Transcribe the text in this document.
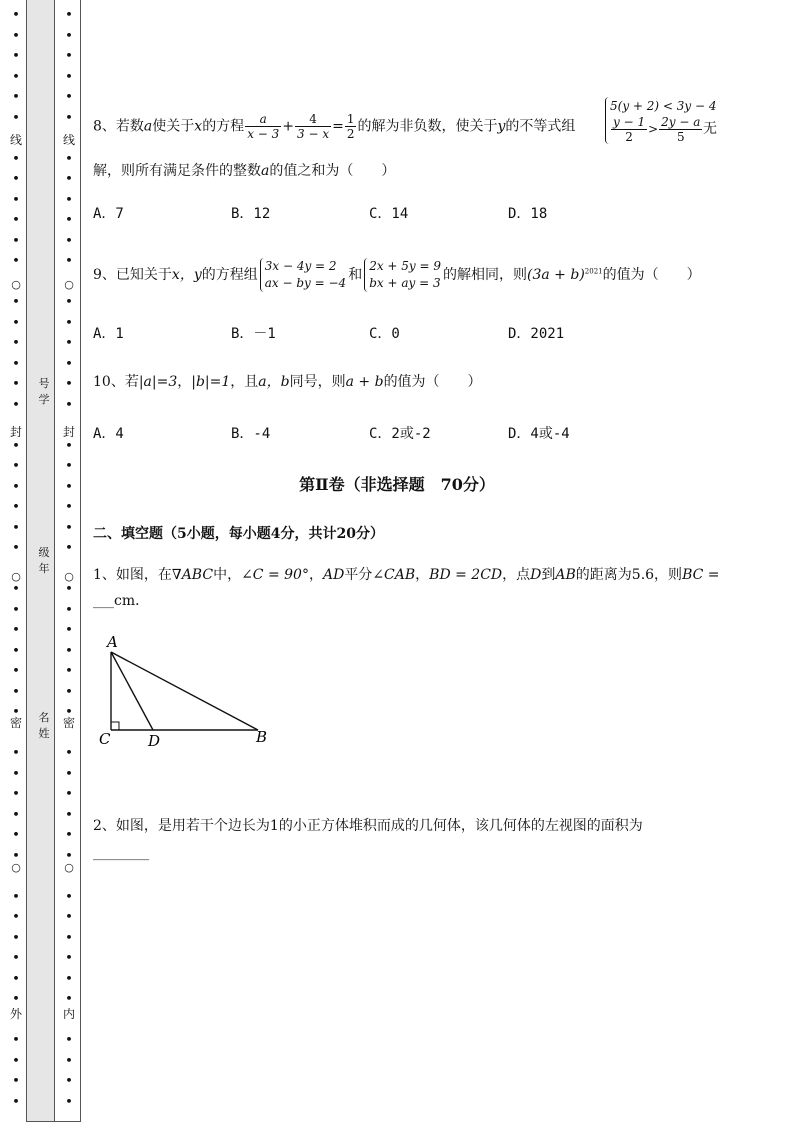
•
•
•
•
•
•
•
•
•
•
•
•
•
•
•
•
•
•
•
•
•
•
•
•
•
•
•
•
•
•
•
•
•
•
•
•
•
•
•
•
•
•
•
•
•
•
•
线
○
封
○
密
○
外
•
•
•
•
•
•
•
•
•
•
•
•
•
•
•
•
•
•
•
•
•
•
•
•
•
•
•
•
•
•
•
•
•
•
•
•
•
•
•
•
•
•
•
•
•
•
•
线
○
封
○
密
○
内
号学
级年
名姓
8、若数a使关于x的方程 $\frac{a}{x - 3} + \frac{4}{3 - x} = \frac{1}{2}$ 的解为非负数，使关于y的不等式组
5(y + 2) < 3y − 4
$\frac{y - 1}{2} > \frac{2y - a}{5}$ 无
解，则所有满足条件的整数a的值之和为（　　）
A．7	B．12	C．14	D．18
9、已知关于x，y的方程组
3x − 4y = 2
ax − by = −4 和
2x + 5y = 9
bx + ay = 3 的解相同，则$(3a + b)^{2021}$的值为（　　）
A．1	B．－1	C．0	D．2021
10、若|a|=3，|b|=1，且a，b同号，则a + b的值为（　　）
A．4	B．-4	C．2或-2	D．4或-4
第Ⅱ卷（非选择题　70分）
二、填空题（5小题，每小题4分，共计20分）
1、如图，在∇ABC中，∠C = 90°，AD平分∠CAB，BD = 2CD，点D到AB的距离为5.6，则BC =
___cm．
A
C	D	B
2、如图，是用若干个边长为1的小正方体堆积而成的几何体，该几何体的左视图的面积为
________
